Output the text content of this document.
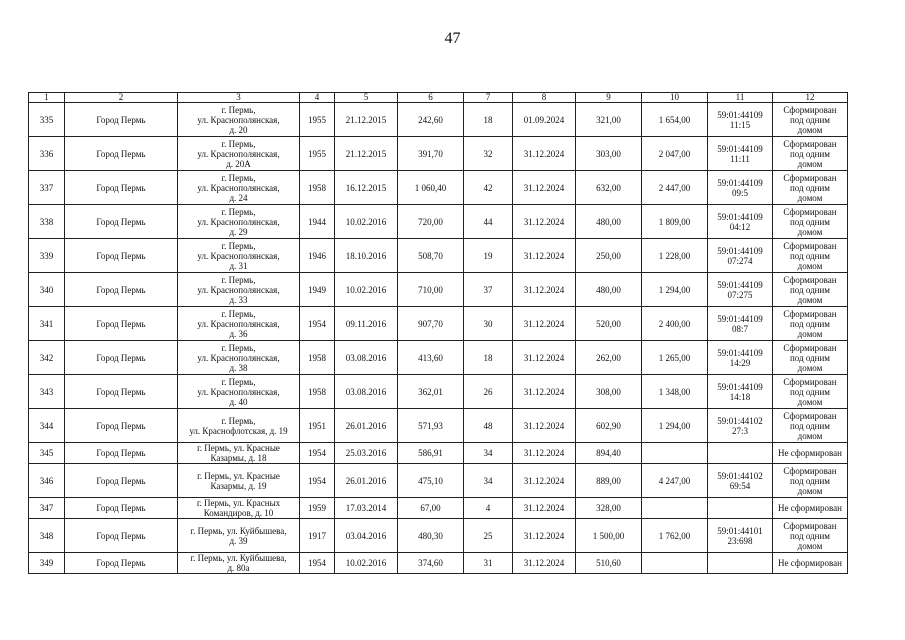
47
1	2	3	4	5	6	7	8	9	10	11	12
335	Город Пермь	г. Пермь,
ул. Краснополянская,
д. 20	1955	21.12.2015	242,60	18	01.09.2024	321,00	1 654,00	59:01:44109
11:15	Сформирован
под одним
домом
336	Город Пермь	г. Пермь,
ул. Краснополянская,
д. 20А	1955	21.12.2015	391,70	32	31.12.2024	303,00	2 047,00	59:01:44109
11:11	Сформирован
под одним
домом
337	Город Пермь	г. Пермь,
ул. Краснополянская,
д. 24	1958	16.12.2015	1 060,40	42	31.12.2024	632,00	2 447,00	59:01:44109
09:5	Сформирован
под одним
домом
338	Город Пермь	г. Пермь,
ул. Краснополянская,
д. 29	1944	10.02.2016	720,00	44	31.12.2024	480,00	1 809,00	59:01:44109
04:12	Сформирован
под одним
домом
339	Город Пермь	г. Пермь,
ул. Краснополянская,
д. 31	1946	18.10.2016	508,70	19	31.12.2024	250,00	1 228,00	59:01:44109
07:274	Сформирован
под одним
домом
340	Город Пермь	г. Пермь,
ул. Краснополянская,
д. 33	1949	10.02.2016	710,00	37	31.12.2024	480,00	1 294,00	59:01:44109
07:275	Сформирован
под одним
домом
341	Город Пермь	г. Пермь,
ул. Краснополянская,
д. 36	1954	09.11.2016	907,70	30	31.12.2024	520,00	2 400,00	59:01:44109
08:7	Сформирован
под одним
домом
342	Город Пермь	г. Пермь,
ул. Краснополянская,
д. 38	1958	03.08.2016	413,60	18	31.12.2024	262,00	1 265,00	59:01:44109
14:29	Сформирован
под одним
домом
343	Город Пермь	г. Пермь,
ул. Краснополянская,
д. 40	1958	03.08.2016	362,01	26	31.12.2024	308,00	1 348,00	59:01:44109
14:18	Сформирован
под одним
домом
344	Город Пермь	г. Пермь,
ул. Краснофлотская, д. 19	1951	26.01.2016	571,93	48	31.12.2024	602,90	1 294,00	59:01:44102
27:3	Сформирован
под одним
домом
345	Город Пермь	г. Пермь, ул. Красные
Казармы, д. 18	1954	25.03.2016	586,91	34	31.12.2024	894,40			Не сформирован
346	Город Пермь	г. Пермь, ул. Красные
Казармы, д. 19	1954	26.01.2016	475,10	34	31.12.2024	889,00	4 247,00	59:01:44102
69:54	Сформирован
под одним
домом
347	Город Пермь	г. Пермь, ул. Красных
Командиров, д. 10	1959	17.03.2014	67,00	4	31.12.2024	328,00			Не сформирован
348	Город Пермь	г. Пермь, ул. Куйбышева,
д. 39	1917	03.04.2016	480,30	25	31.12.2024	1 500,00	1 762,00	59:01:44101
23:698	Сформирован
под одним
домом
349	Город Пермь	г. Пермь, ул. Куйбышева,
д. 80а	1954	10.02.2016	374,60	31	31.12.2024	510,60			Не сформирован
